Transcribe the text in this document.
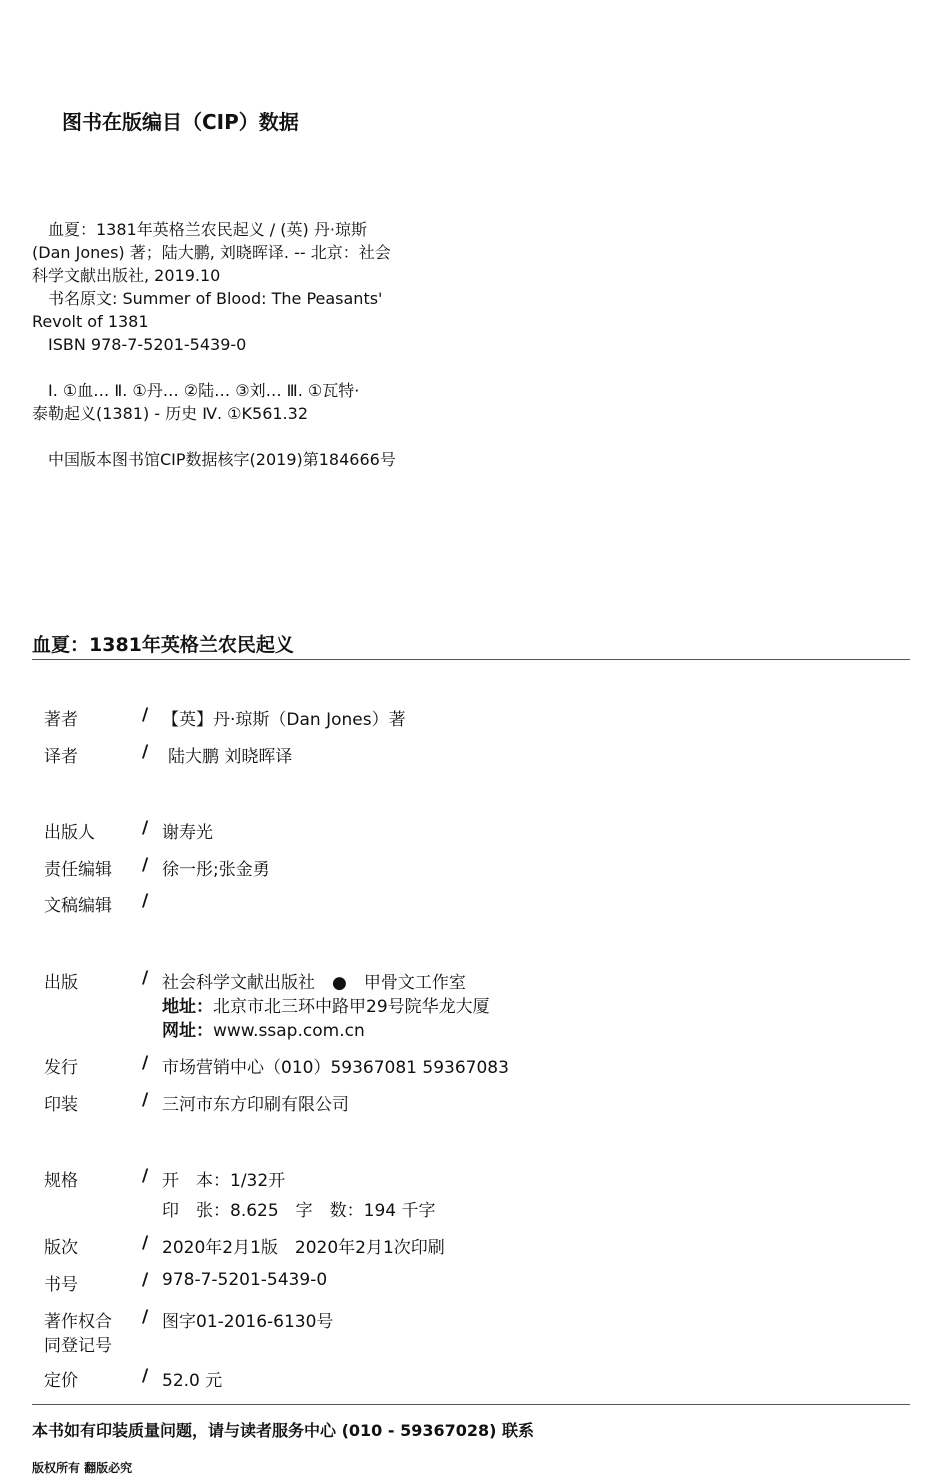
图书在版编目（CIP）数据
　血夏：1381年英格兰农民起义 / (英) 丹·琼斯
(Dan Jones) 著；陆大鹏, 刘晓晖译. -- 北京：社会
科学文献出版社, 2019.10
　书名原文: Summer of Blood: The Peasants'
Revolt of 1381
　ISBN 978-7-5201-5439-0
　Ⅰ. ①血… Ⅱ. ①丹… ②陆… ③刘… Ⅲ. ①瓦特·
泰勒起义(1381) - 历史 Ⅳ. ①K561.32
　中国版本图书馆CIP数据核字(2019)第184666号
血夏：1381年英格兰农民起义
著者	/ 【英】丹·琼斯（Dan Jones）著
译者	/ 陆大鹏 刘晓晖译
出版人	/ 谢寿光
责任编辑 / 徐一彤;张金勇
文稿编辑 /
出版	/ 社会科学文献出版社　●　甲骨文工作室
地址：北京市北三环中路甲29号院华龙大厦
网址：www.ssap.com.cn
发行	/ 市场营销中心（010）59367081 59367083
印装	/ 三河市东方印刷有限公司
规格	/ 开　本：1/32开
印　张：8.625　字　数：194 千字
版次	/ 2020年2月1版　2020年2月1次印刷
书号	/ 978-7-5201-5439-0
著作权合
同登记号
/ 图字01-2016-6130号
定价	/ 52.0 元
本书如有印装质量问题，请与读者服务中心 (010 - 59367028) 联系
版权所有 翻版必究
